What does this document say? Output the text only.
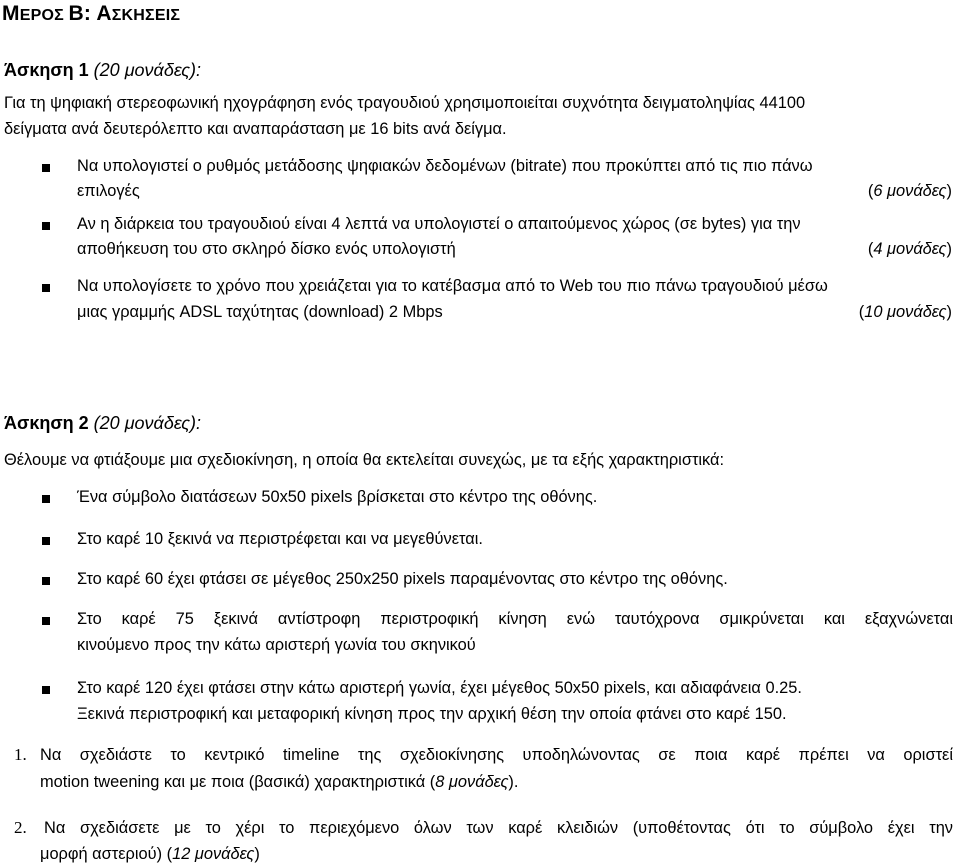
ΜΕΡΟΣ Β: ΑΣΚΗΣΕΙΣ
Άσκηση 1 (20 μονάδες):
Για τη ψηφιακή στερεοφωνική ηχογράφηση ενός τραγουδιού χρησιμοποιείται συχνότητα δειγματοληψίας 44100
δείγματα ανά δευτερόλεπτο και αναπαράσταση με 16 bits ανά δείγμα.
Να υπολογιστεί ο ρυθμός μετάδοσης ψηφιακών δεδομένων (bitrate) που προκύπτει από τις πιο πάνω
επιλογές	(6 μονάδες)
Αν η διάρκεια του τραγουδιού είναι 4 λεπτά να υπολογιστεί ο απαιτούμενος χώρος (σε bytes) για την
αποθήκευση του στο σκληρό δίσκο ενός υπολογιστή	(4 μονάδες)
Να υπολογίσετε το χρόνο που χρειάζεται για το κατέβασμα από το Web του πιο πάνω τραγουδιού μέσω
μιας γραμμής ADSL ταχύτητας (download) 2 Mbps	(10 μονάδες)
Άσκηση 2 (20 μονάδες):
Θέλουμε να φτιάξουμε μια σχεδιοκίνηση, η οποία θα εκτελείται συνεχώς, με τα εξής χαρακτηριστικά:
Ένα σύμβολο διατάσεων 50x50 pixels βρίσκεται στο κέντρο της οθόνης.
Στο καρέ 10 ξεκινά να περιστρέφεται και να μεγεθύνεται.
Στο καρέ 60 έχει φτάσει σε μέγεθος 250x250 pixels παραμένοντας στο κέντρο της οθόνης.
Στο καρέ 75 ξεκινά αντίστροφη περιστροφική κίνηση ενώ ταυτόχρονα σμικρύνεται και εξαχνώνεται
κινούμενο προς την κάτω αριστερή γωνία του σκηνικού
Στο καρέ 120 έχει φτάσει στην κάτω αριστερή γωνία, έχει μέγεθος 50x50 pixels, και αδιαφάνεια 0.25.
Ξεκινά περιστροφική και μεταφορική κίνηση προς την αρχική θέση την οποία φτάνει στο καρέ 150.
1. Να σχεδιάστε το κεντρικό timeline της σχεδιοκίνησης υποδηλώνοντας σε ποια καρέ πρέπει να οριστεί
motion tweening και με ποια (βασικά) χαρακτηριστικά (8 μονάδες).
2. Να σχεδιάσετε με το χέρι το περιεχόμενο όλων των καρέ κλειδιών (υποθέτοντας ότι το σύμβολο έχει την
μορφή αστεριού) (12 μονάδες)
